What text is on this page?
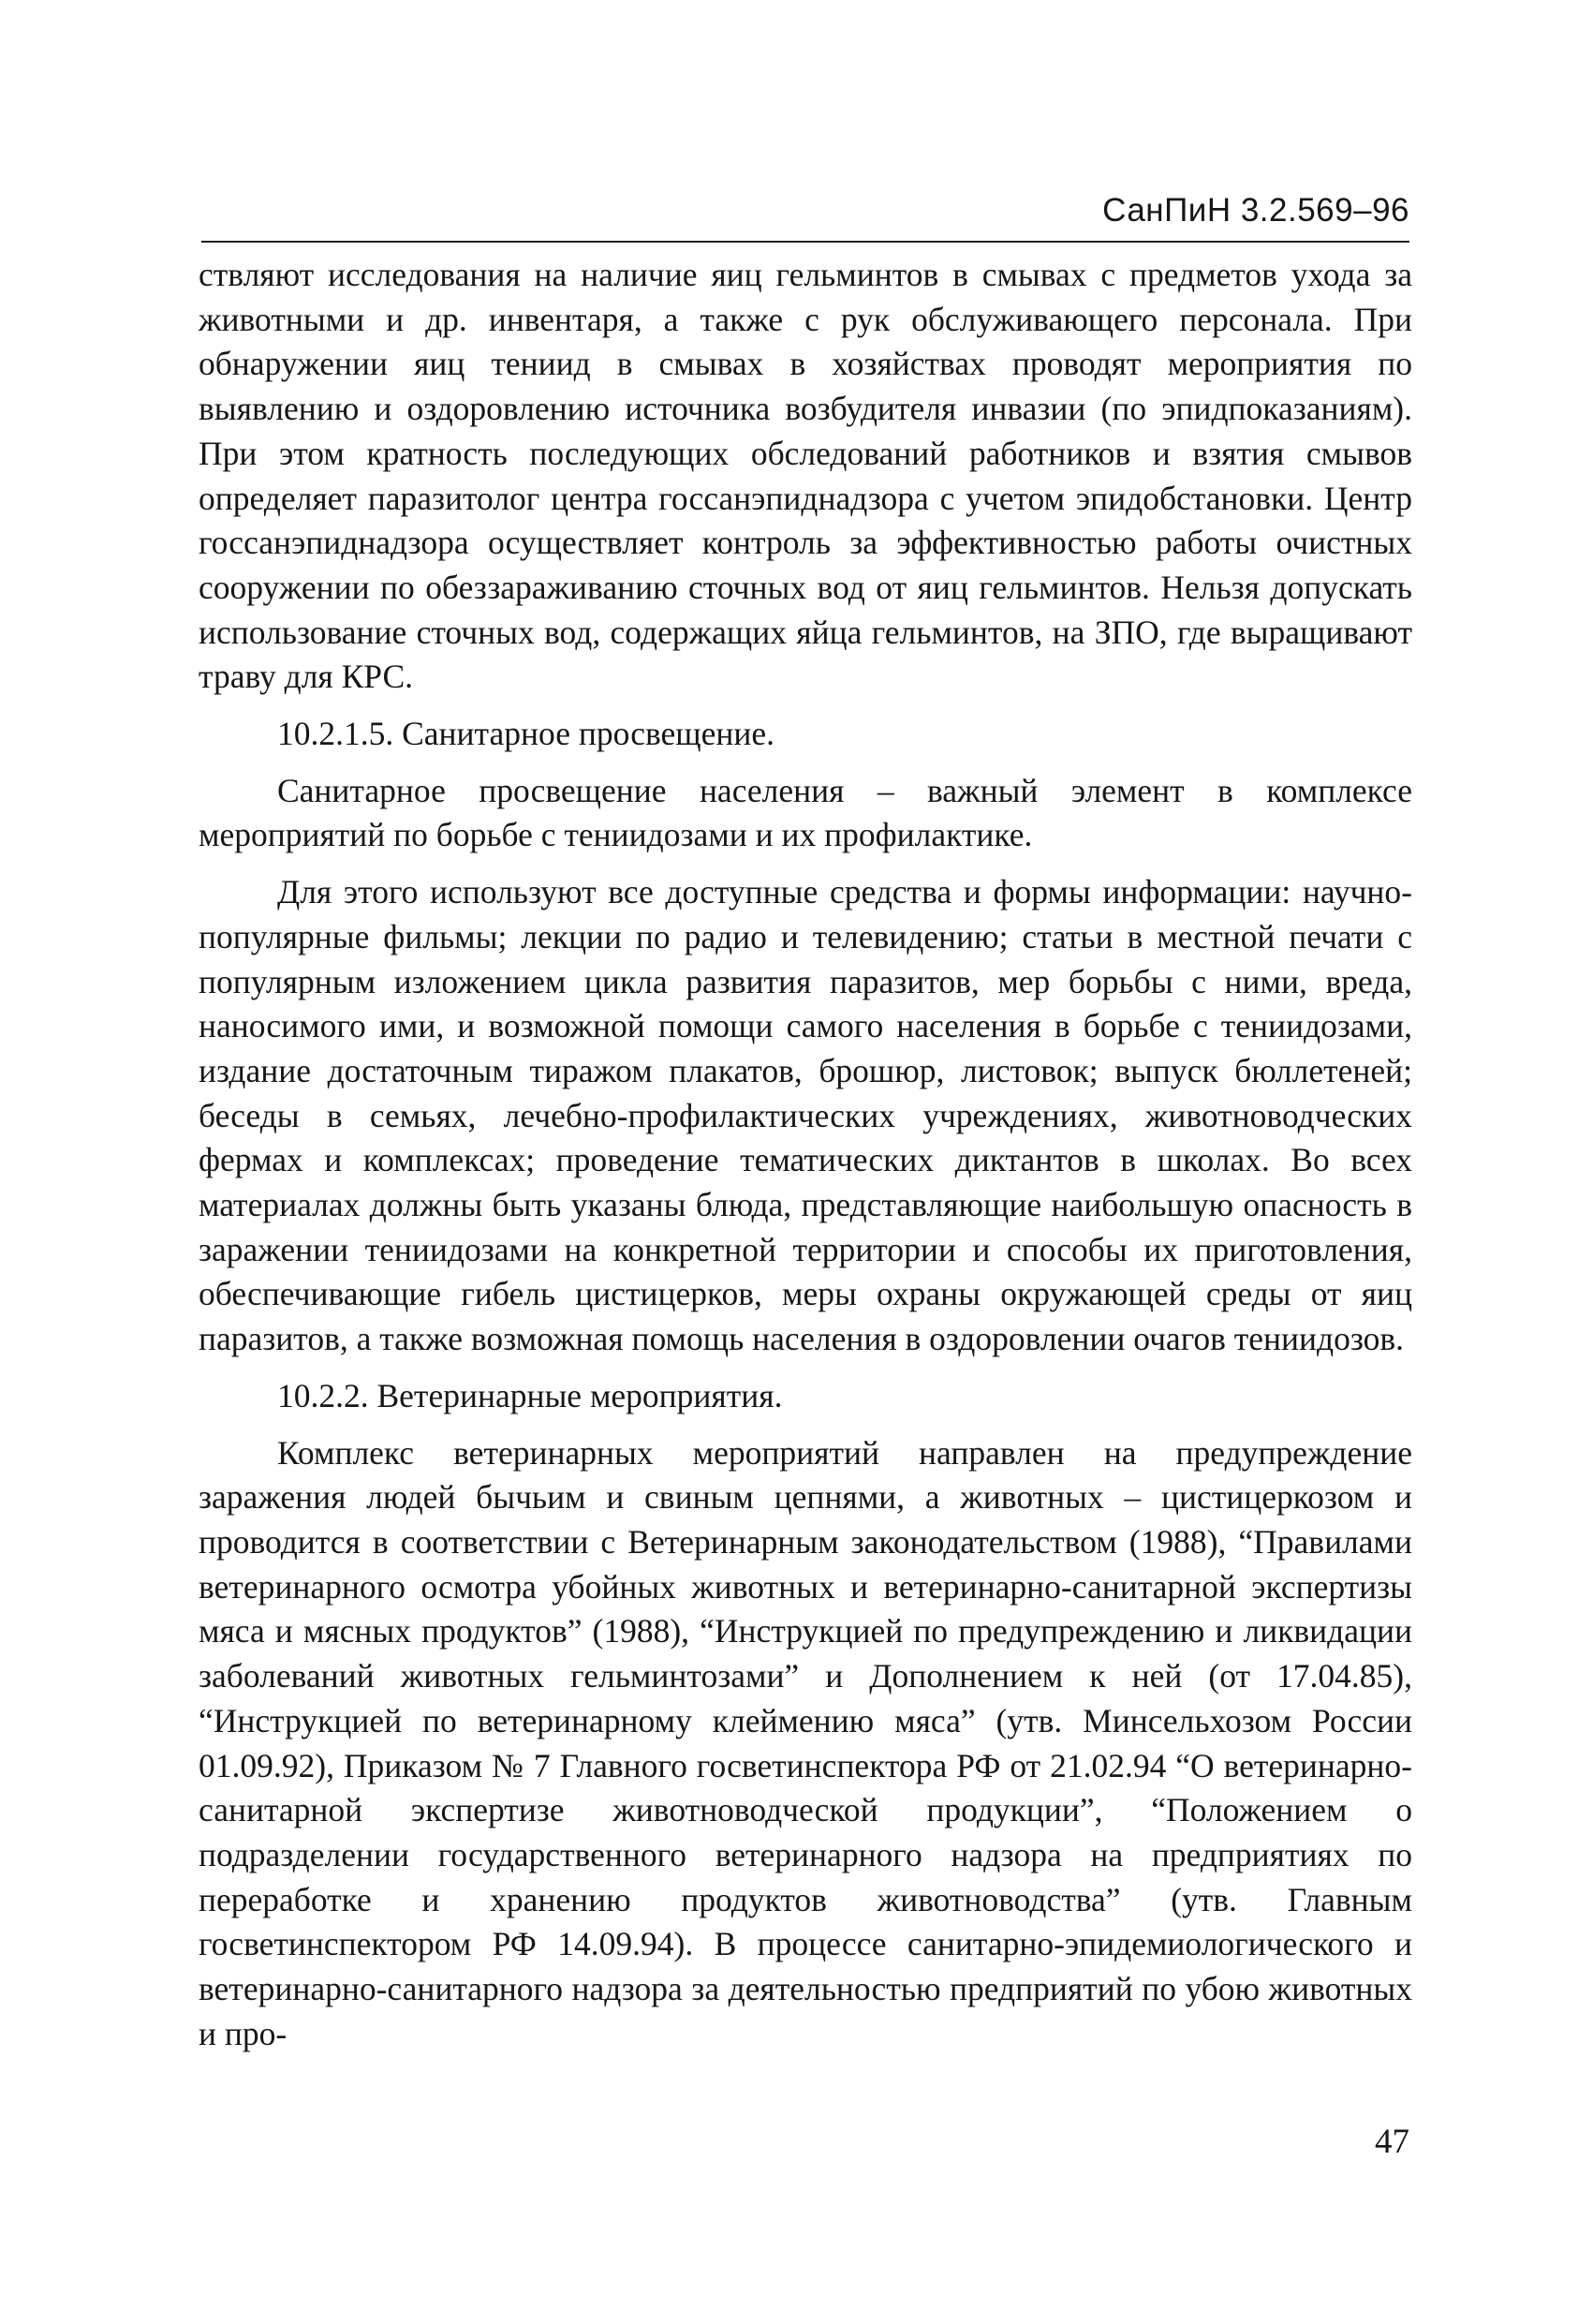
СанПиН 3.2.569–96

ствляют исследования на наличие яиц гельминтов в смывах с предметов ухода за животными и др. инвентаря, а также с рук обслуживающего персонала. При обнаружении яиц тениид в смывах в хозяйствах проводят мероприятия по выявлению и оздоровлению источника возбудителя инвазии (по эпидпоказаниям). При этом кратность последующих обследований работников и взятия смывов определяет паразитолог центра госсанэпиднадзора с учетом эпидобстановки. Центр госсанэпиднадзора осуществляет контроль за эффективностью работы очистных сооружении по обеззараживанию сточных вод от яиц гельминтов. Нельзя допускать использование сточных вод, содержащих яйца гельминтов, на ЗПО, где выращивают траву для КРС.

10.2.1.5. Санитарное просвещение.

Санитарное просвещение населения – важный элемент в комплексе мероприятий по борьбе с тениидозами и их профилактике.

Для этого используют все доступные средства и формы информации: научно-популярные фильмы; лекции по радио и телевидению; статьи в местной печати с популярным изложением цикла развития паразитов, мер борьбы с ними, вреда, наносимого ими, и возможной помощи самого населения в борьбе с тениидозами, издание достаточным тиражом плакатов, брошюр, листовок; выпуск бюллетеней; беседы в семьях, лечебно-профилактических учреждениях, животноводческих фермах и комплексах; проведение тематических диктантов в школах. Во всех материалах должны быть указаны блюда, представляющие наибольшую опасность в заражении тениидозами на конкретной территории и способы их приготовления, обеспечивающие гибель цистицерков, меры охраны окружающей среды от яиц паразитов, а также возможная помощь населения в оздоровлении очагов тениидозов.

10.2.2. Ветеринарные мероприятия.

Комплекс ветеринарных мероприятий направлен на предупреждение заражения людей бычьим и свиным цепнями, а животных – цистицеркозом и проводится в соответствии с Ветеринарным законодательством (1988), “Правилами ветеринарного осмотра убойных животных и ветеринарно-санитарной экспертизы мяса и мясных продуктов” (1988), “Инструкцией по предупреждению и ликвидации заболеваний животных гельминтозами” и Дополнением к ней (от 17.04.85), “Инструкцией по ветеринарному клеймению мяса” (утв. Минсельхозом России 01.09.92), Приказом № 7 Главного госветинспектора РФ от 21.02.94 “О ветеринарно-санитарной экспертизе животноводческой продукции”, “Положением о подразделении государственного ветеринарного надзора на предприятиях по переработке и хранению продуктов животноводства” (утв. Главным госветинспектором РФ 14.09.94). В процессе санитарно-эпидемиологического и ветеринарно-санитарного надзора за деятельностью предприятий по убою животных и про-

47
